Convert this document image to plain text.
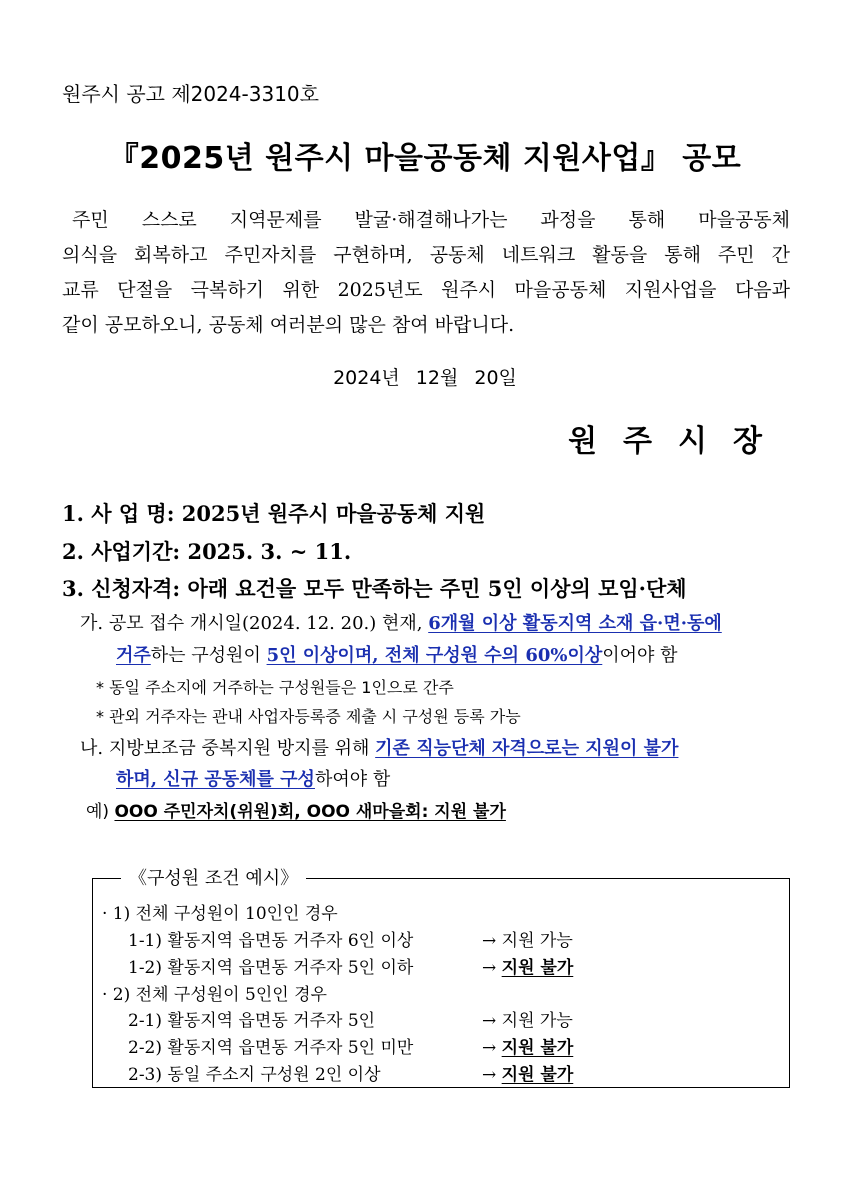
원주시 공고 제2024-3310호
『2025년 원주시 마을공동체 지원사업』 공모
주민 스스로 지역문제를 발굴·해결해나가는 과정을 통해 마을공동체
의식을 회복하고 주민자치를 구현하며, 공동체 네트워크 활동을 통해 주민 간
교류 단절을 극복하기 위한 2025년도 원주시 마을공동체 지원사업을 다음과
같이 공모하오니, 공동체 여러분의 많은 참여 바랍니다.
2024년 12월 20일
원주시장
1. 사 업 명: 2025년 원주시 마을공동체 지원
2. 사업기간: 2025. 3. ~ 11.
3. 신청자격: 아래 요건을 모두 만족하는 주민 5인 이상의 모임·단체
가. 공모 접수 개시일(2024. 12. 20.) 현재, 6개월 이상 활동지역 소재 읍·면·동에
거주하는 구성원이 5인 이상이며, 전체 구성원 수의 60%이상이어야 함
* 동일 주소지에 거주하는 구성원들은 1인으로 간주
* 관외 거주자는 관내 사업자등록증 제출 시 구성원 등록 가능
나. 지방보조금 중복지원 방지를 위해 기존 직능단체 자격으로는 지원이 불가
하며, 신규 공동체를 구성하여야 함
예) OOO 주민자치(위원)회, OOO 새마을회: 지원 불가
《구성원 조건 예시》
· 1) 전체 구성원이 10인인 경우
1-1) 활동지역 읍면동 거주자 6인 이상
1-2) 활동지역 읍면동 거주자 5인 이하
· 2) 전체 구성원이 5인인 경우
2-1) 활동지역 읍면동 거주자 5인
2-2) 활동지역 읍면동 거주자 5인 미만
2-3) 동일 주소지 구성원 2인 이상
→ 지원 가능
→ 지원 불가
→ 지원 가능
→ 지원 불가
→ 지원 불가
